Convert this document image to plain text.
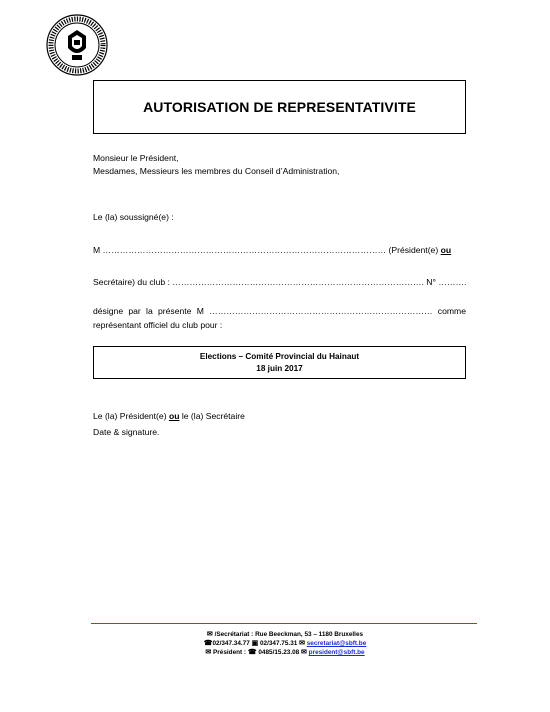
AUTORISATION DE REPRESENTATIVITE
Monsieur le Président,
Mesdames, Messieurs les membres du Conseil d’Administration,
Le (la) soussigné(e) :
M ……………………………………………………………………………………… (Président(e) ou
Secrétaire) du club : ……………………………………………………………………………. N° ……….
désigne par la présente M …………………………………………………………………… comme
représentant officiel du club pour :
Elections – Comité Provincial du Hainaut
18 juin 2017
Le (la) Président(e) ou le (la) Secrétaire
Date & signature.
✉ /Secrétariat : Rue Beeckman, 53 – 1180 Bruxelles
☎02/347.34.77 ▣ 02/347.75.31 ✉ secretariat@sbft.be
✉ Président : ☎ 0485/15.23.08 ✉ president@sbft.be
